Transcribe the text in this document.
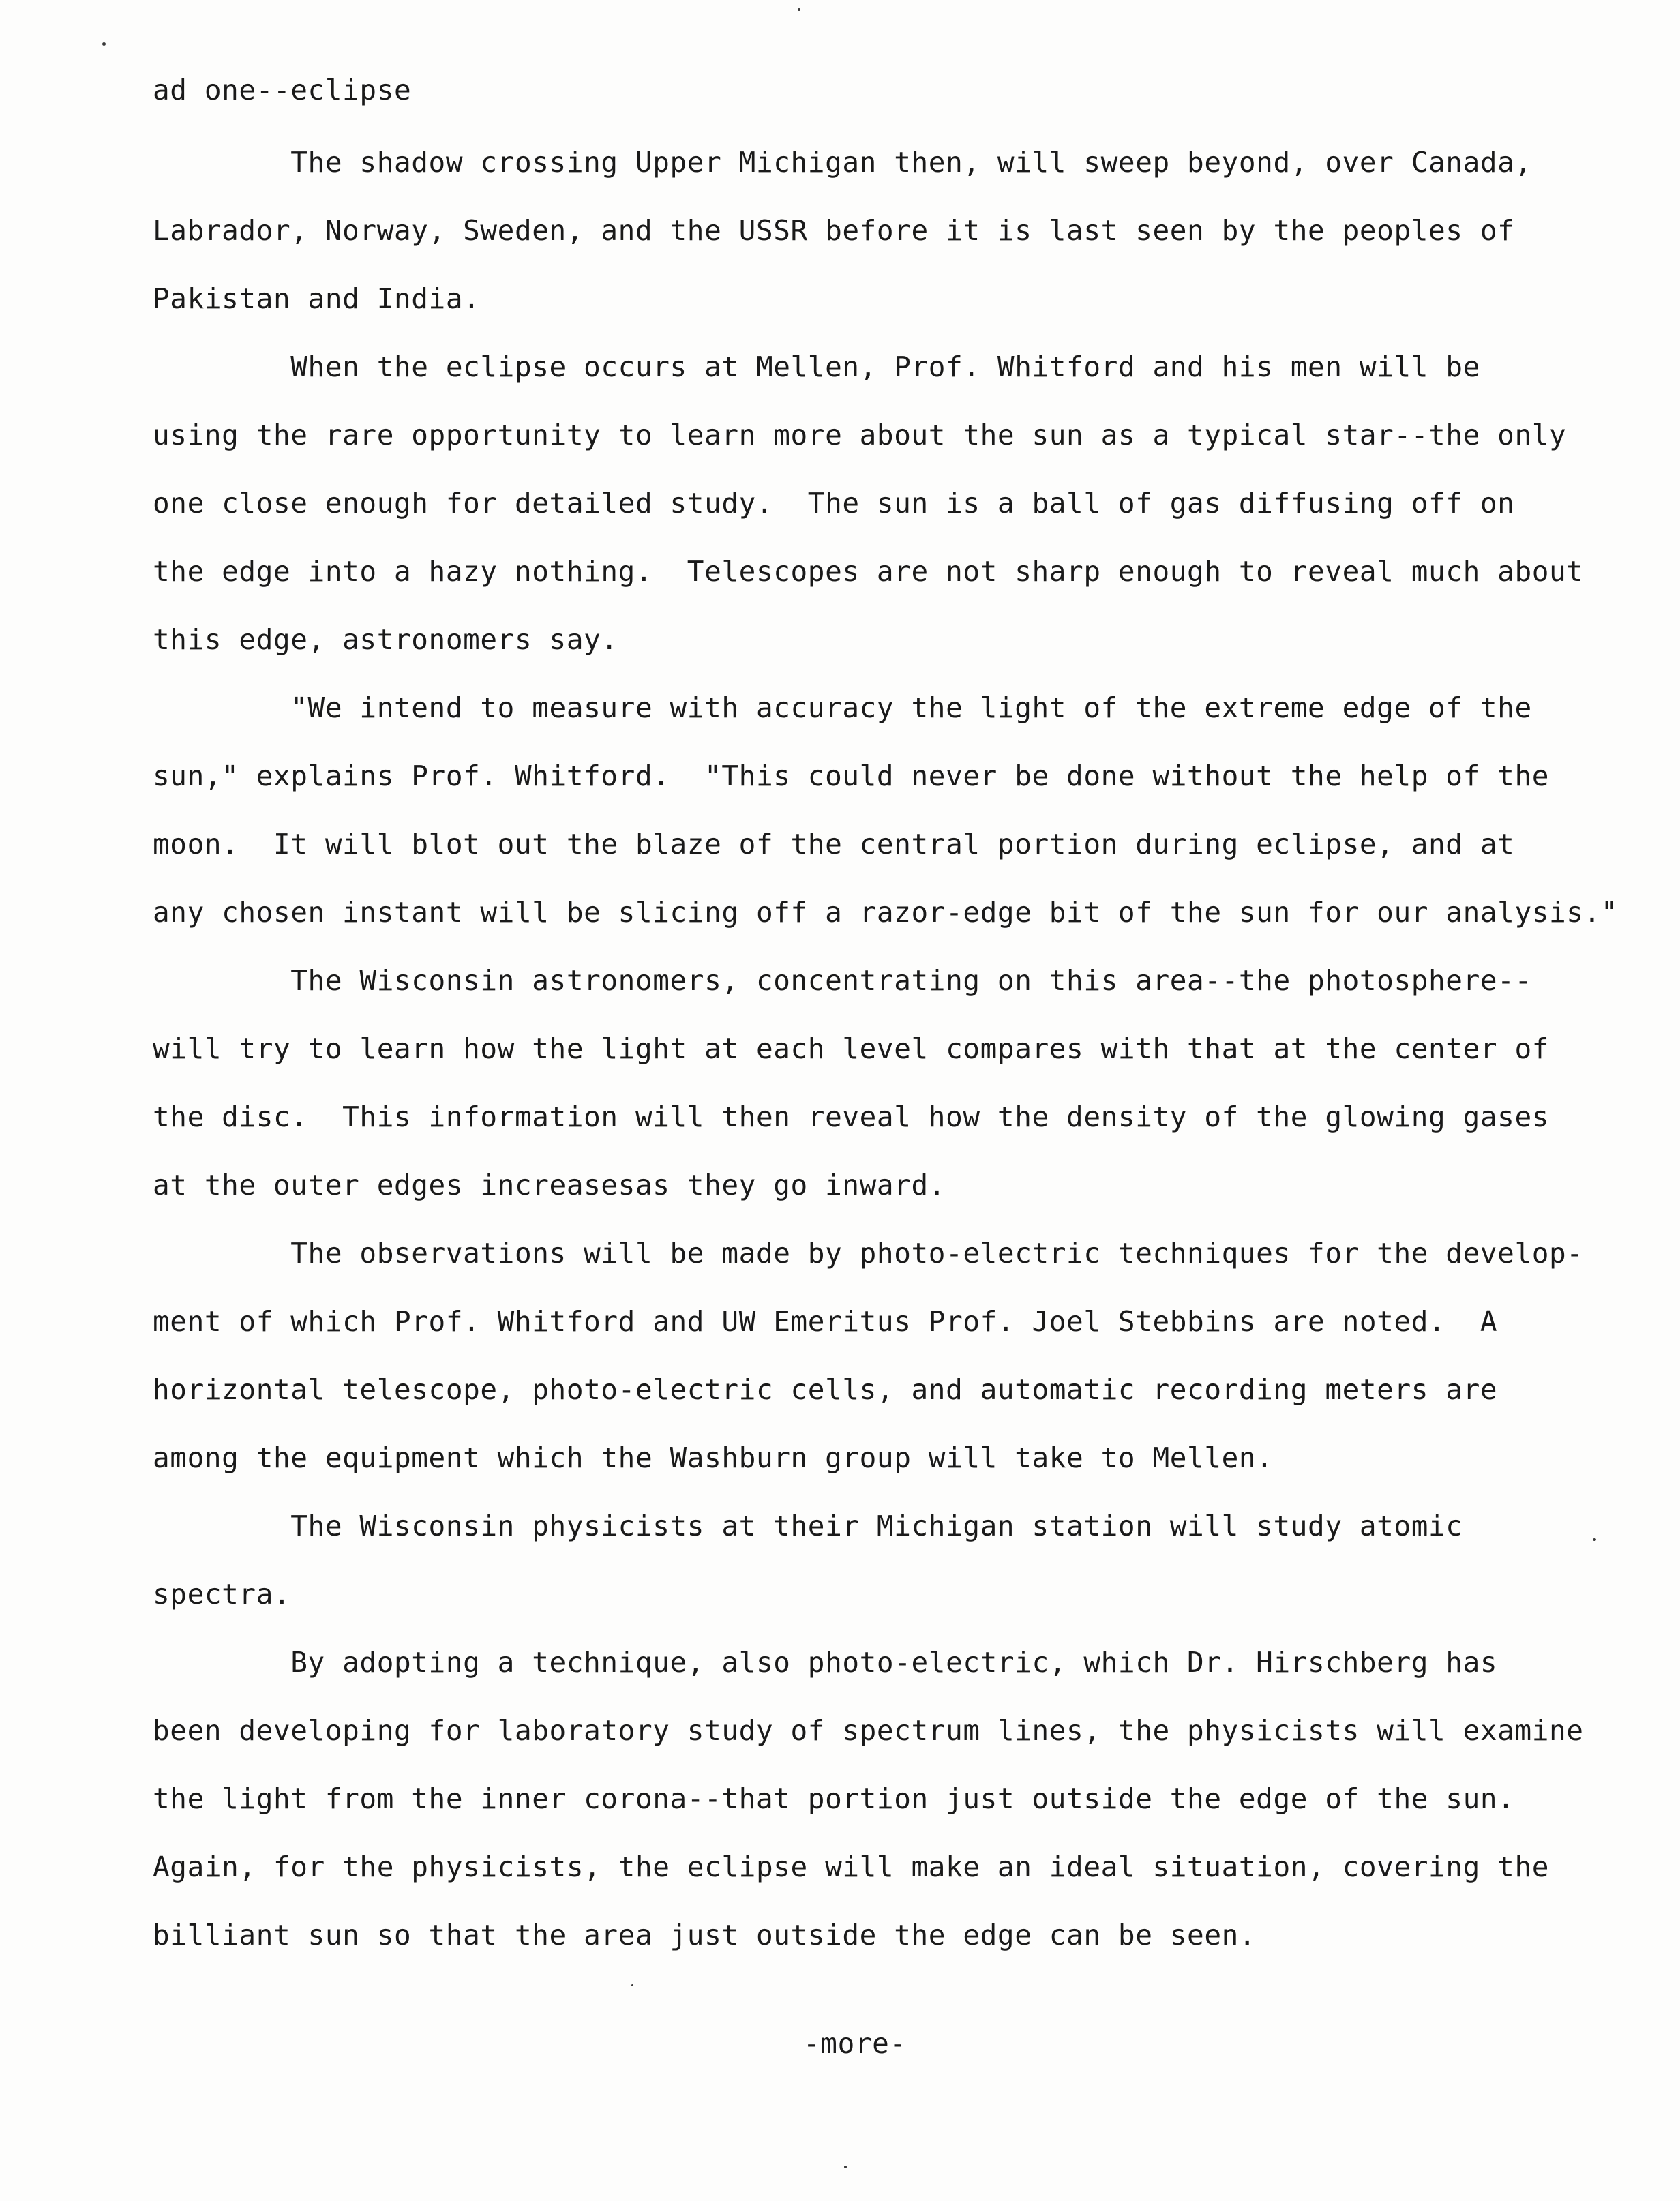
ad one--eclipse

The shadow crossing Upper Michigan then, will sweep beyond, over Canada,

Labrador, Norway, Sweden, and the USSR before it is last seen by the peoples of

Pakistan and India.

When the eclipse occurs at Mellen, Prof. Whitford and his men will be

using the rare opportunity to learn more about the sun as a typical star--the only

one close enough for detailed study.  The sun is a ball of gas diffusing off on

the edge into a hazy nothing.  Telescopes are not sharp enough to reveal much about

this edge, astronomers say.

"We intend to measure with accuracy the light of the extreme edge of the

sun," explains Prof. Whitford.  "This could never be done without the help of the

moon.  It will blot out the blaze of the central portion during eclipse, and at

any chosen instant will be slicing off a razor-edge bit of the sun for our analysis."

The Wisconsin astronomers, concentrating on this area--the photosphere--

will try to learn how the light at each level compares with that at the center of

the disc.  This information will then reveal how the density of the glowing gases

at the outer edges increasesas they go inward.

The observations will be made by photo-electric techniques for the develop-

ment of which Prof. Whitford and UW Emeritus Prof. Joel Stebbins are noted.  A

horizontal telescope, photo-electric cells, and automatic recording meters are

among the equipment which the Washburn group will take to Mellen.

The Wisconsin physicists at their Michigan station will study atomic

spectra.

By adopting a technique, also photo-electric, which Dr. Hirschberg has

been developing for laboratory study of spectrum lines, the physicists will examine

the light from the inner corona--that portion just outside the edge of the sun.

Again, for the physicists, the eclipse will make an ideal situation, covering the

billiant sun so that the area just outside the edge can be seen.

-more-
